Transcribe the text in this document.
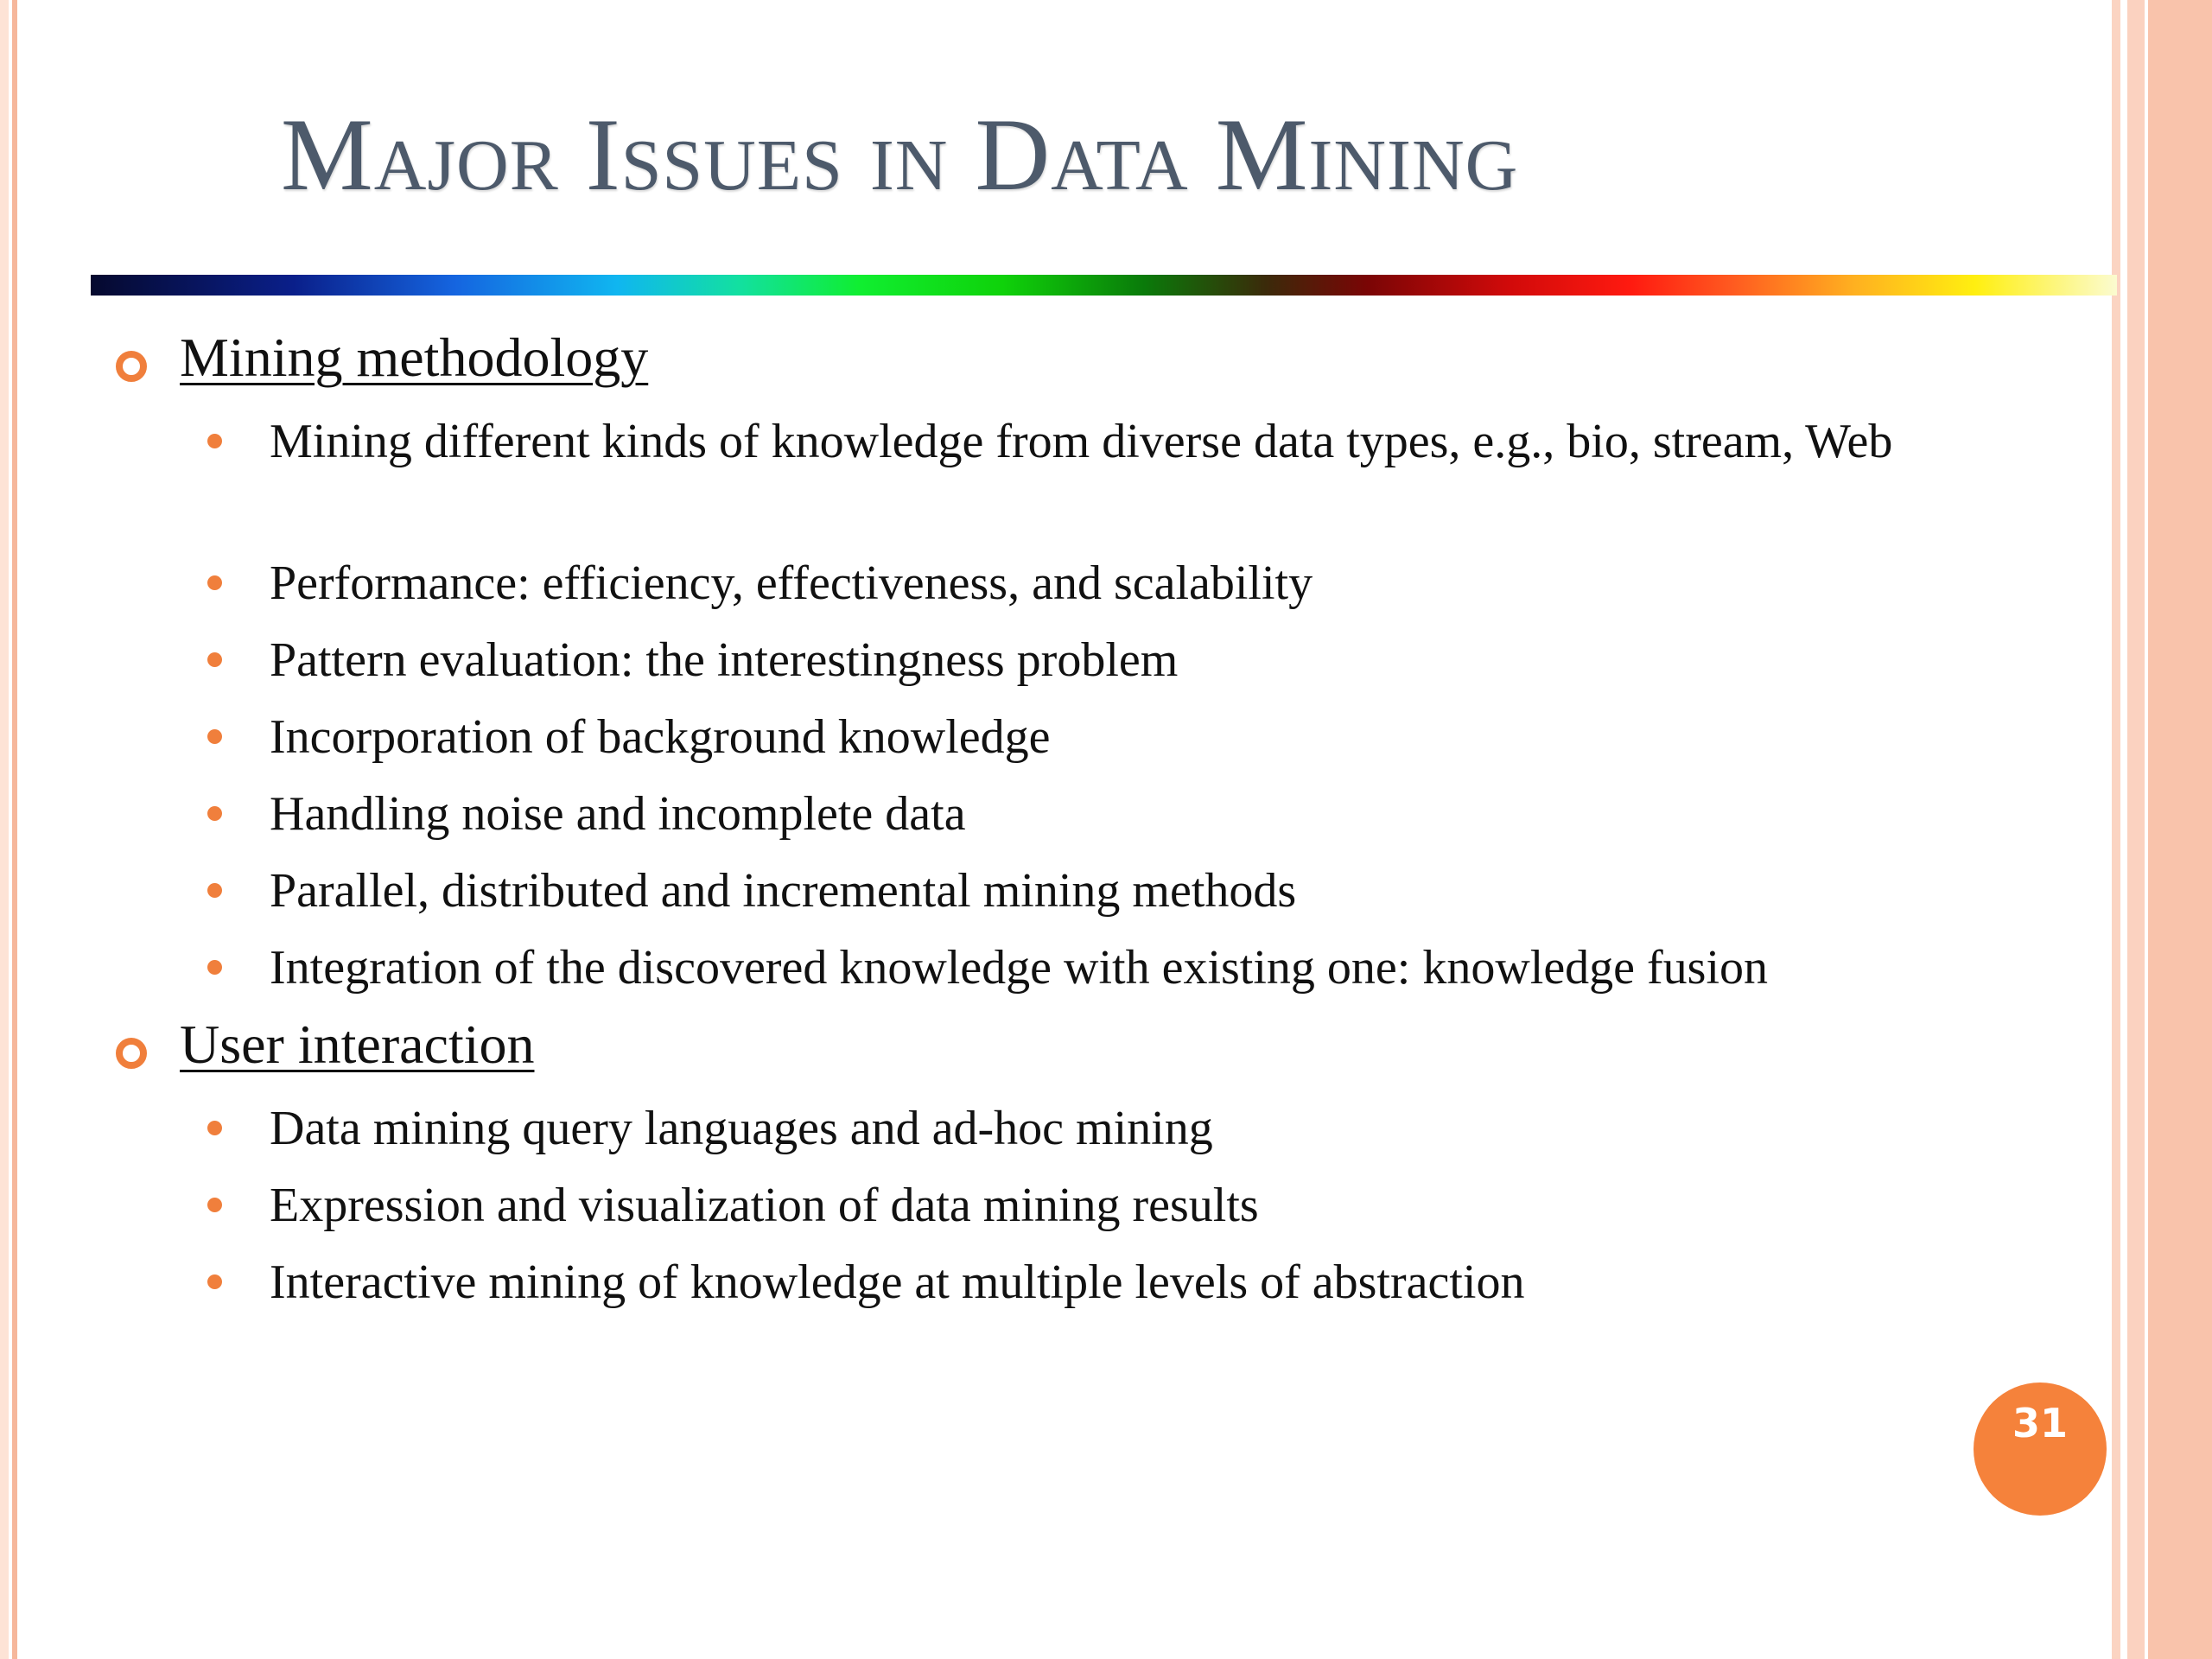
Major Issues in Data Mining
Mining methodology
Mining different kinds of knowledge from diverse data types, e.g., bio, stream, Web
Performance: efficiency, effectiveness, and scalability
Pattern evaluation: the interestingness problem
Incorporation of background knowledge
Handling noise and incomplete data
Parallel, distributed and incremental mining methods
Integration of the discovered knowledge with existing one: knowledge fusion
User interaction
Data mining query languages and ad-hoc mining
Expression and visualization of data mining results
Interactive mining of knowledge at multiple levels of abstraction
31
